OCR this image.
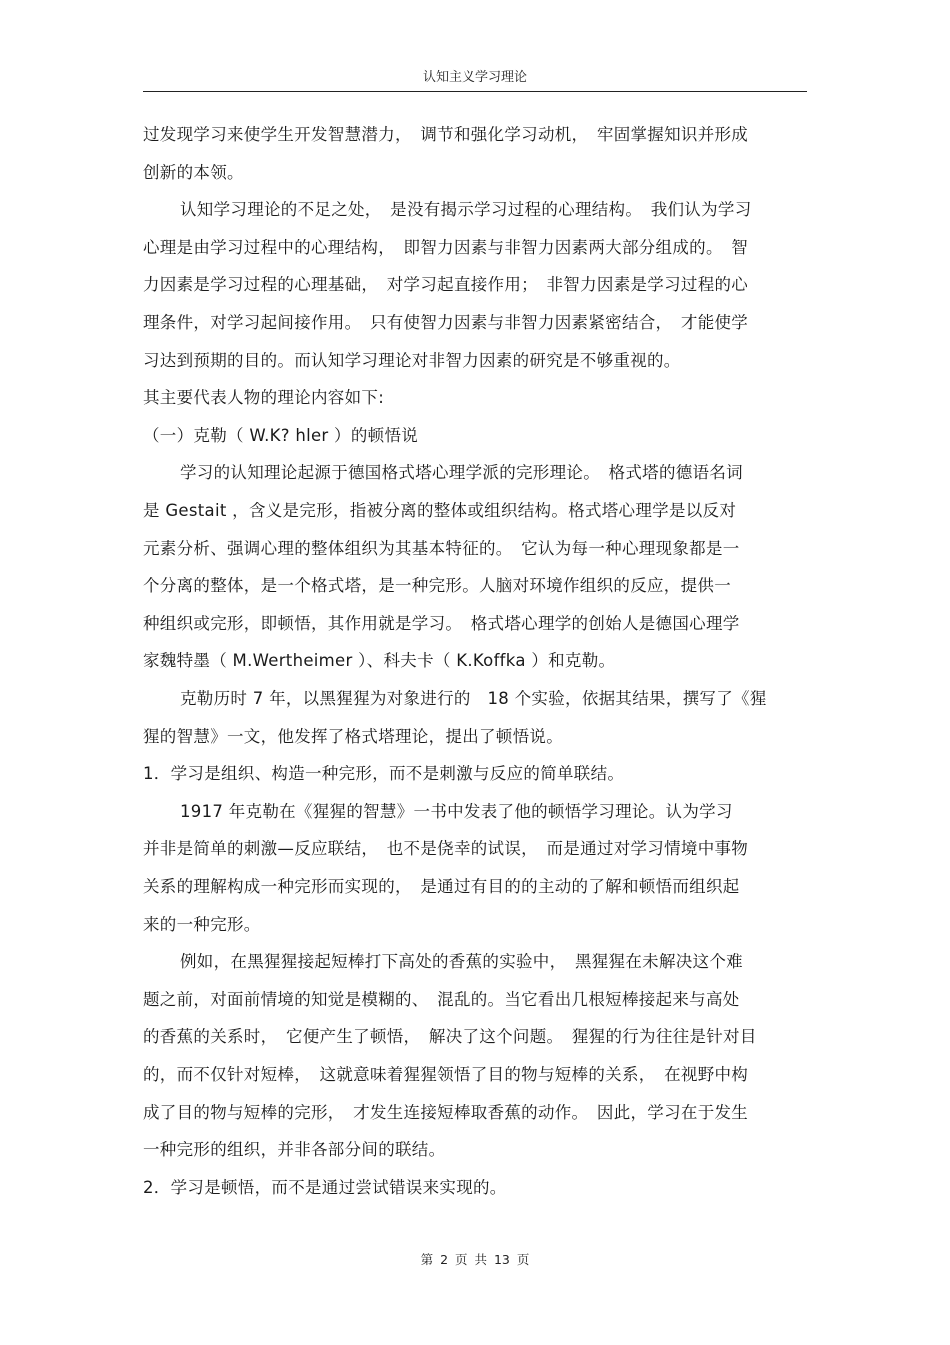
认知主义学习理论
过发现学习来使学生开发智慧潜力，　调节和强化学习动机，　牢固掌握知识并形成
创新的本领。
认知学习理论的不足之处，　是没有揭示学习过程的心理结构。　我们认为学习
心理是由学习过程中的心理结构，　即智力因素与非智力因素两大部分组成的。　智
力因素是学习过程的心理基础，　对学习起直接作用；　非智力因素是学习过程的心
理条件，对学习起间接作用。　只有使智力因素与非智力因素紧密结合，　才能使学
习达到预期的目的。而认知学习理论对非智力因素的研究是不够重视的。
其主要代表人物的理论内容如下:
（一）克勒（ W.K? hler ）的顿悟说
学习的认知理论起源于德国格式塔心理学派的完形理论。　格式塔的德语名词
是 Gestait ，含义是完形，指被分离的整体或组织结构。格式塔心理学是以反对
元素分析、强调心理的整体组织为其基本特征的。　它认为每一种心理现象都是一
个分离的整体，是一个格式塔，是一种完形。人脑对环境作组织的反应，提供一
种组织或完形，即顿悟，其作用就是学习。　格式塔心理学的创始人是德国心理学
家魏特墨（ M.Wertheimer ）、科夫卡（ K.Koffka ）和克勒。
克勒历时 7 年，以黑猩猩为对象进行的　18 个实验，依据其结果，撰写了《猩
猩的智慧》一文，他发挥了格式塔理论，提出了顿悟说。
1．学习是组织、构造一种完形，而不是刺激与反应的简单联结。
1917 年克勒在《猩猩的智慧》一书中发表了他的顿悟学习理论。认为学习
并非是简单的刺激—反应联结，　也不是侥幸的试误，　而是通过对学习情境中事物
关系的理解构成一种完形而实现的，　是通过有目的的主动的了解和顿悟而组织起
来的一种完形。
例如，在黑猩猩接起短棒打下高处的香蕉的实验中，　黑猩猩在未解决这个难
题之前，对面前情境的知觉是模糊的、　混乱的。当它看出几根短棒接起来与高处
的香蕉的关系时，　它便产生了顿悟，　解决了这个问题。　猩猩的行为往往是针对目
的，而不仅针对短棒，　这就意味着猩猩领悟了目的物与短棒的关系，　在视野中构
成了目的物与短棒的完形，　才发生连接短棒取香蕉的动作。　因此，学习在于发生
一种完形的组织，并非各部分间的联结。
2．学习是顿悟，而不是通过尝试错误来实现的。
第 2 页 共 13 页
